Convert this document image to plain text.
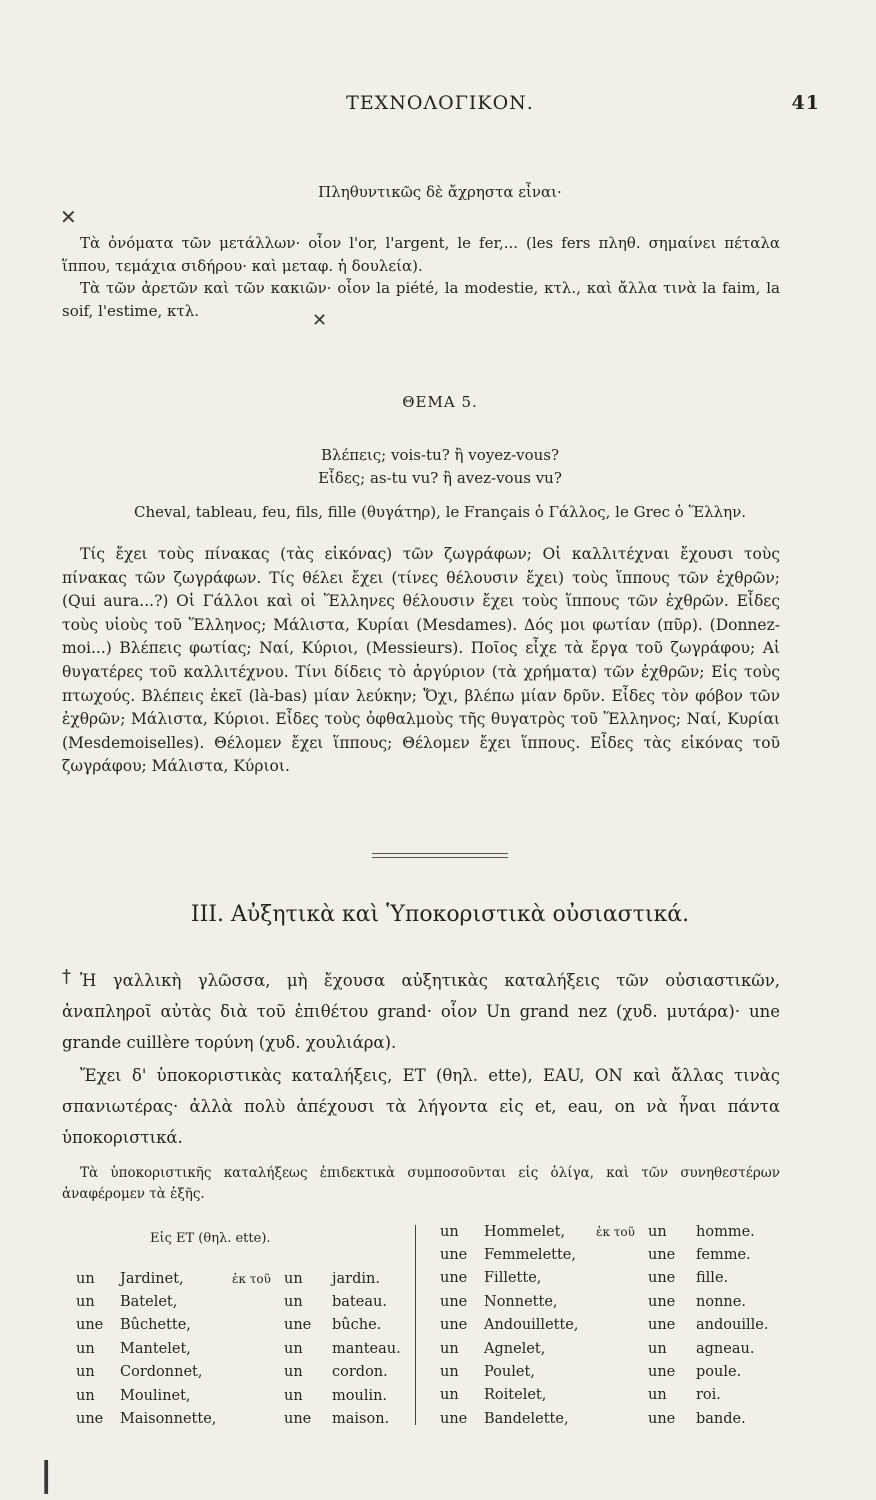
ΤΕΧΝΟΛΟΓΙΚΟΝ.	41
Πληθυντικῶς δὲ ἄχρηστα εἶναι·
✕
Τὰ ὀνόματα τῶν μετάλλων· οἷον l'or, l'argent, le fer,... (les fers πληθ. σημαίνει πέταλα ἵππου, τεμάχια σιδήρου· καὶ μεταφ. ἡ δουλεία).
Τὰ τῶν ἀρετῶν καὶ τῶν κακιῶν· οἷον la piété, la modestie, κτλ., καὶ ἄλλα τινὰ la faim, la soif, l'estime, κτλ.	✕
ΘΕΜΑ 5.
Βλέπεις; vois-tu? ἢ voyez-vous?
Εἶδες; as-tu vu? ἢ avez-vous vu?
Cheval, tableau, feu, fils, fille (θυγάτηρ), le Français ὁ Γάλλος, le Grec ὁ Ἕλλην.
Τίς ἔχει τοὺς πίνακας (τὰς εἰκόνας) τῶν ζωγράφων; Οἱ καλλιτέχναι ἔχουσι τοὺς πίνακας τῶν ζωγράφων. Τίς θέλει ἔχει (τίνες θέλουσιν ἔχει) τοὺς ἵππους τῶν ἐχθρῶν; (Qui aura...?) Οἱ Γάλλοι καὶ οἱ Ἕλληνες θέλουσιν ἔχει τοὺς ἵππους τῶν ἐχθρῶν. Εἶδες τοὺς υἱοὺς τοῦ Ἕλληνος; Μάλιστα, Κυρίαι (Mesdames). Δός μοι φωτίαν (πῦρ). (Donnez-moi...) Βλέπεις φωτίας; Ναί, Κύριοι, (Messieurs). Ποῖος εἶχε τὰ ἔργα τοῦ ζωγράφου; Αἱ θυγατέρες τοῦ καλλιτέχνου. Τίνι δίδεις τὸ ἀργύριον (τὰ χρήματα) τῶν ἐχθρῶν; Εἰς τοὺς πτωχούς. Βλέπεις ἐκεῖ (là-bas) μίαν λεύκην; Ὄχι, βλέπω μίαν δρῦν. Εἶδες τὸν φόβον τῶν ἐχθρῶν; Μάλιστα, Κύριοι. Εἶδες τοὺς ὀφθαλμοὺς τῆς θυγατρὸς τοῦ Ἕλληνος; Ναί, Κυρίαι (Mesdemoiselles). Θέλομεν ἔχει ἵππους; Θέλομεν ἔχει ἵππους. Εἶδες τὰς εἰκόνας τοῦ ζωγράφου; Μάλιστα, Κύριοι.
III. Αὐξητικὰ καὶ Ὑποκοριστικὰ οὐσιαστικά.
† Ἡ γαλλικὴ γλῶσσα, μὴ ἔχουσα αὐξητικὰς καταλήξεις τῶν οὐσιαστικῶν, ἀναπληροῖ αὐτὰς διὰ τοῦ ἐπιθέτου grand· οἷον Un grand nez (χυδ. μυτάρα)· une grande cuillère τορύνη (χυδ. χουλιάρα).
Ἔχει δ' ὑποκοριστικὰς καταλήξεις, ET (θηλ. ette), EAU, ON καὶ ἄλλας τινὰς σπανιωτέρας· ἀλλὰ πολὺ ἀπέχουσι τὰ λήγοντα εἰς et, eau, on νὰ ἦναι πάντα ὑποκοριστικά.
Τὰ ὑποκοριστικῆς καταλήξεως ἐπιδεκτικὰ συμποσοῦνται εἰς ὀλίγα, καὶ τῶν συνηθεστέρων ἀναφέρομεν τὰ ἑξῆς.
Εἰς ET (θηλ. ette).
un	Jardinet,	ἐκ τοῦ	un	jardin.
un	Batelet,		un	bateau.
une	Bûchette,		une	bûche.
un	Mantelet,		un	manteau.
un	Cordonnet,		un	cordon.
un	Moulinet,		un	moulin.
une	Maisonnette,		une	maison.
un	Hommelet,	ἐκ τοῦ	un	homme.
une	Femmelette,		une	femme.
une	Fillette,		une	fille.
une	Nonnette,		une	nonne.
une	Andouillette,		une	andouille.
un	Agnelet,		un	agneau.
un	Poulet,		une	poule.
un	Roitelet,		un	roi.
une	Bandelette,		une	bande.
|
